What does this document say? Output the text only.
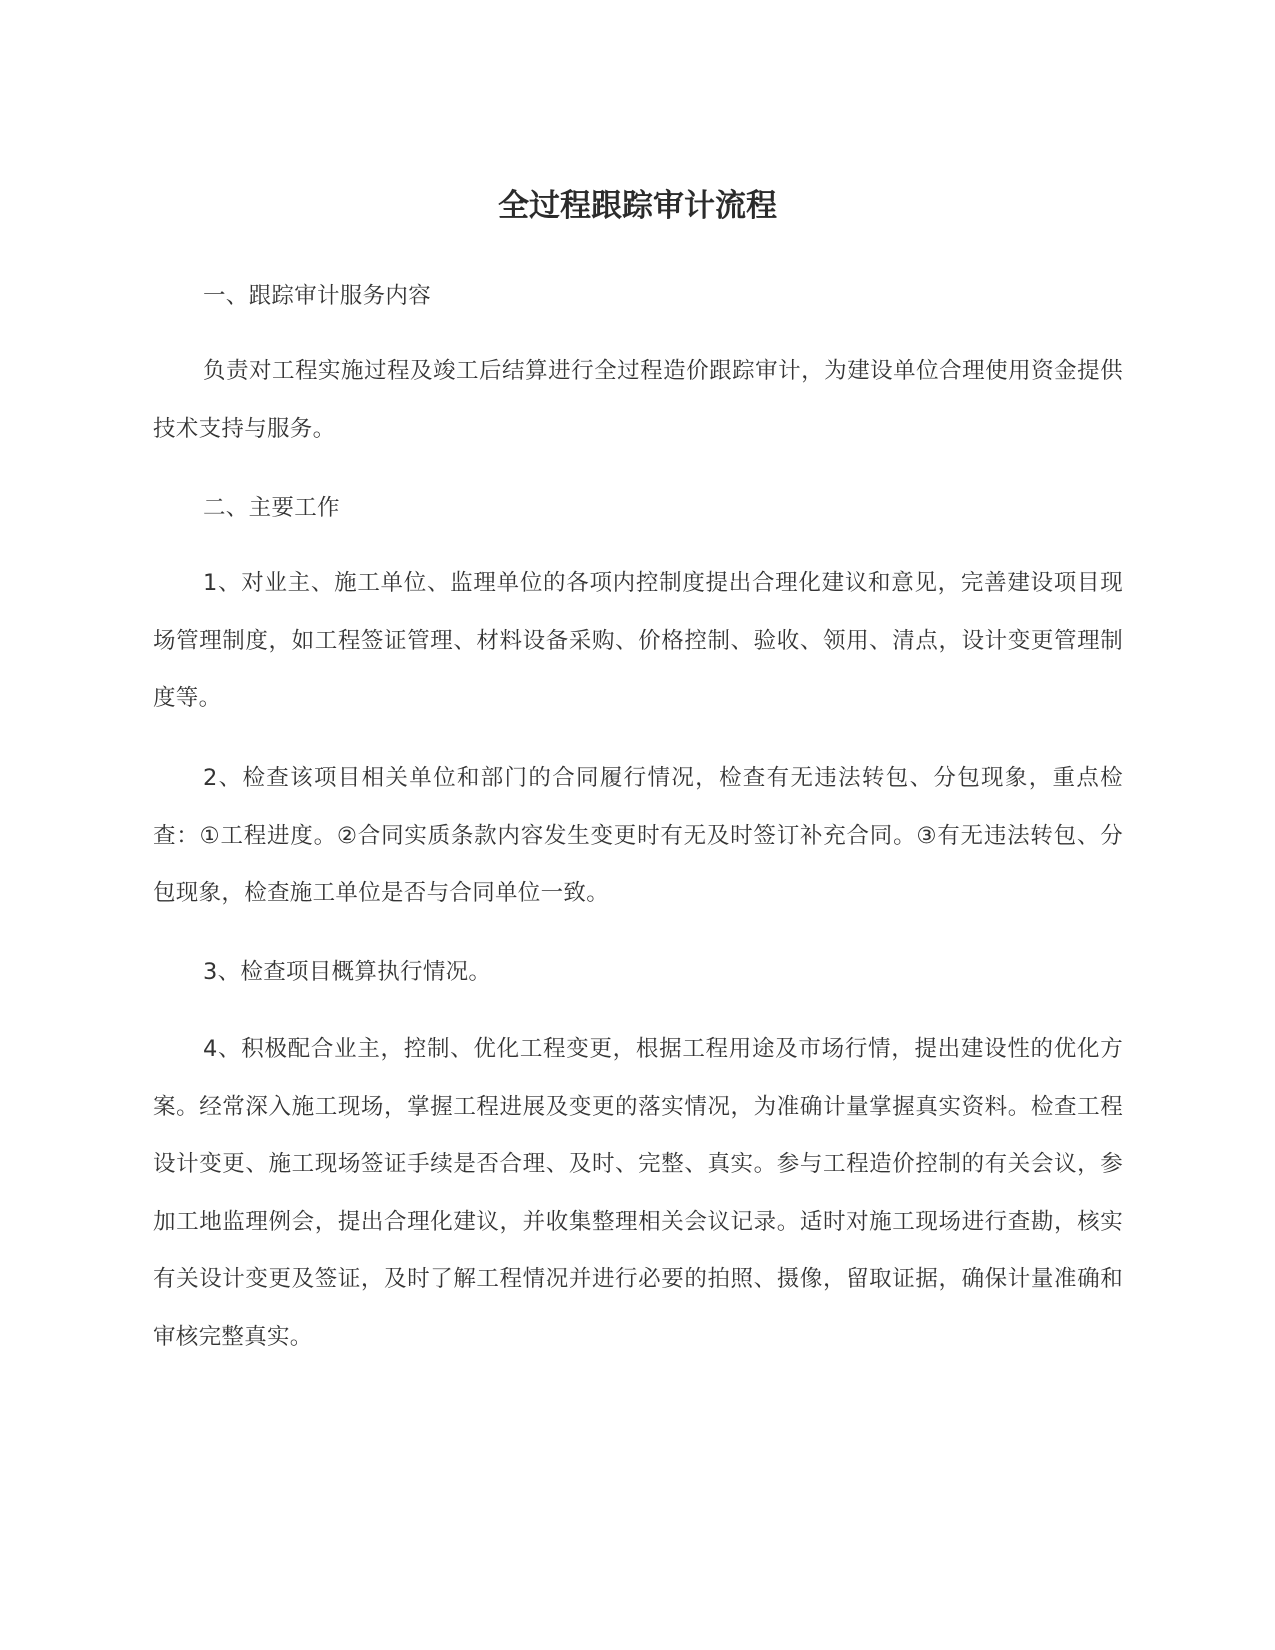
全过程跟踪审计流程

一、跟踪审计服务内容

负责对工程实施过程及竣工后结算进行全过程造价跟踪审计，为建设单位合理使用资金提供技术支持与服务。

二、主要工作

1、对业主、施工单位、监理单位的各项内控制度提出合理化建议和意见，完善建设项目现场管理制度，如工程签证管理、材料设备采购、价格控制、验收、领用、清点，设计变更管理制度等。

2、检查该项目相关单位和部门的合同履行情况，检查有无违法转包、分包现象，重点检查：①工程进度。②合同实质条款内容发生变更时有无及时签订补充合同。③有无违法转包、分包现象，检查施工单位是否与合同单位一致。

3、检查项目概算执行情况。

4、积极配合业主，控制、优化工程变更，根据工程用途及市场行情，提出建设性的优化方案。经常深入施工现场，掌握工程进展及变更的落实情况，为准确计量掌握真实资料。检查工程设计变更、施工现场签证手续是否合理、及时、完整、真实。参与工程造价控制的有关会议，参加工地监理例会，提出合理化建议，并收集整理相关会议记录。适时对施工现场进行查勘，核实有关设计变更及签证，及时了解工程情况并进行必要的拍照、摄像，留取证据，确保计量准确和审核完整真实。
